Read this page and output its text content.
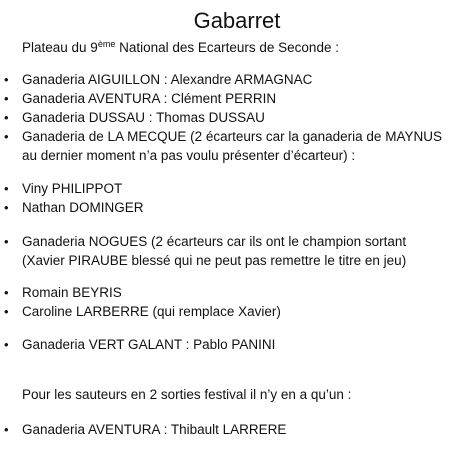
Gabarret
Plateau du 9ème National des Ecarteurs de Seconde :
• Ganaderia AIGUILLON : Alexandre ARMAGNAC
• Ganaderia AVENTURA : Clément PERRIN
• Ganaderia DUSSAU : Thomas DUSSAU
• Ganaderia de LA MECQUE (2 écarteurs car la ganaderia de MAYNUS
au dernier moment n’a pas voulu présenter d’écarteur) :
• Viny PHILIPPOT
• Nathan DOMINGER
• Ganaderia NOGUES (2 écarteurs car ils ont le champion sortant
(Xavier PIRAUBE blessé qui ne peut pas remettre le titre en jeu)
• Romain BEYRIS
• Caroline LARBERRE (qui remplace Xavier)
• Ganaderia VERT GALANT : Pablo PANINI
Pour les sauteurs en 2 sorties festival il n’y en a qu’un :
• Ganaderia AVENTURA : Thibault LARRERE
